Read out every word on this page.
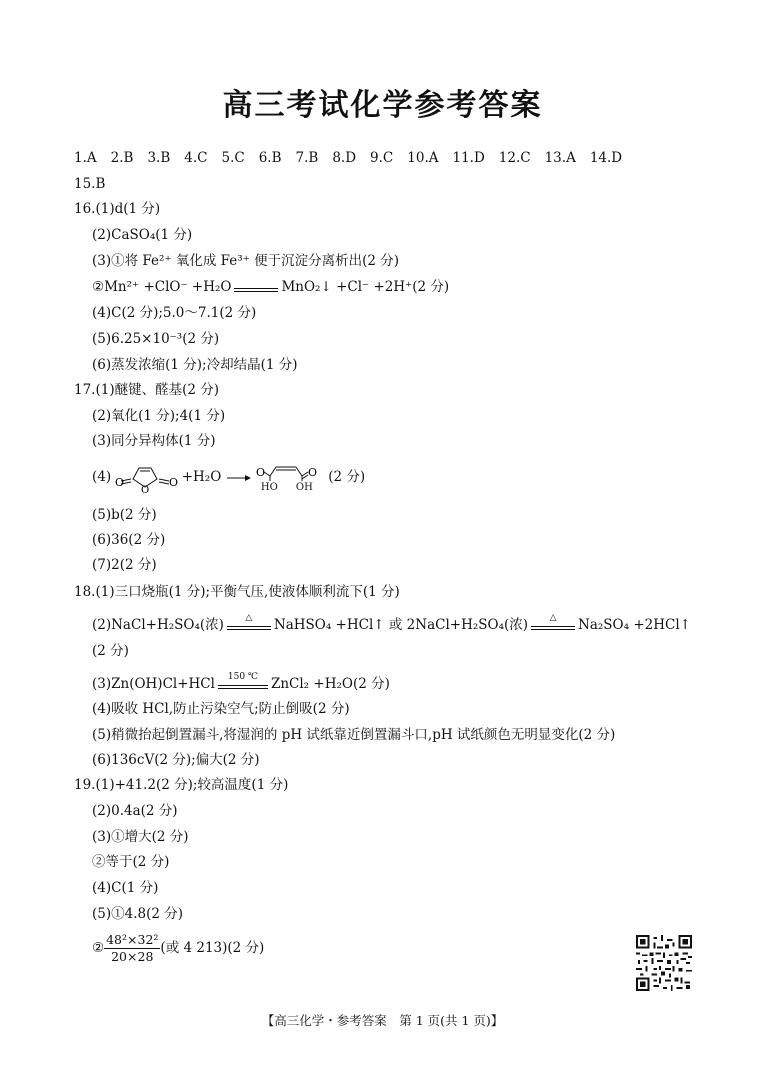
高三考试化学参考答案
1.A 2.B 3.B 4.C 5.C 6.B 7.B 8.D 9.C 10.A 11.D 12.C 13.A 14.D
15.B
16.(1)d(1 分)
(2)CaSO₄(1 分)
(3)①将 Fe²⁺ 氧化成 Fe³⁺ 便于沉淀分离析出(2 分)
②Mn²⁺ +ClO⁻ +H₂O	MnO₂↓ +Cl⁻ +2H⁺(2 分)
(4)C(2 分);5.0～7.1(2 分)
(5)6.25×10⁻³(2 分)
(6)蒸发浓缩(1 分);冷却结晶(1 分)
17.(1)醚键、醛基(2 分)
(2)氧化(1 分);4(1 分)
(3)同分异构体(1 分)
(4) O
O
O +H₂O → O	O
HO OH
(2 分)
(5)b(2 分)
(6)36(2 分)
(7)2(2 分)
18.(1)三口烧瓶(1 分);平衡气压,使液体顺利流下(1 分)
(2)NaCl+H₂SO₄(浓)	△	NaHSO₄ +HCl↑ 或 2NaCl+H₂SO₄(浓)	△	Na₂SO₄ +2HCl↑
(2 分)
(3)Zn(OH)Cl+HCl	150 ℃ ZnCl₂ +H₂O(2 分)
(4)吸收 HCl,防止污染空气;防止倒吸(2 分)
(5)稍微抬起倒置漏斗,将湿润的 pH 试纸靠近倒置漏斗口,pH 试纸颜色无明显变化(2 分)
(6)136cV(2 分);偏大(2 分)
19.(1)+41.2(2 分);较高温度(1 分)
(2)0.4a(2 分)
(3)①增大(2 分)
②等于(2 分)
(4)C(1 分)
(5)①4.8(2 分)
② $\frac{\text{48²×32²}}{20\times 28}$ (或 4 213)(2 分)
【高三化学・参考答案　第 1 页(共 1 页)】
